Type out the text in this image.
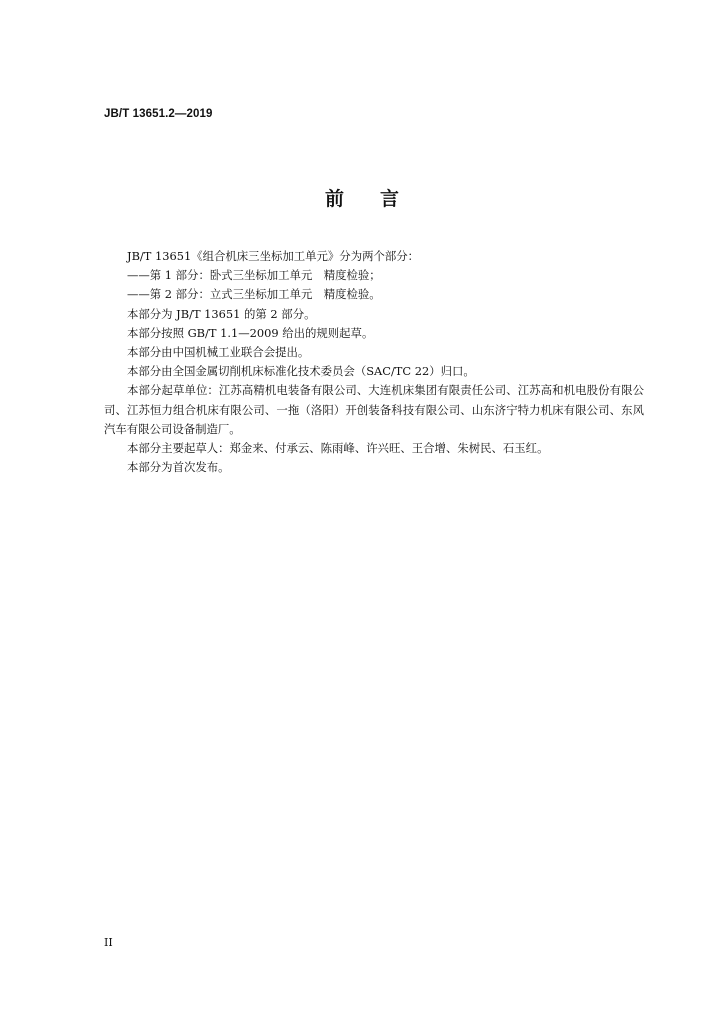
JB/T 13651.2—2019
前言

JB/T 13651《组合机床三坐标加工单元》分为两个部分：

——第 1 部分：卧式三坐标加工单元　精度检验；

——第 2 部分：立式三坐标加工单元　精度检验。

本部分为 JB/T 13651 的第 2 部分。

本部分按照 GB/T 1.1—2009 给出的规则起草。

本部分由中国机械工业联合会提出。

本部分由全国金属切削机床标准化技术委员会（SAC/TC 22）归口。

本部分起草单位：江苏高精机电装备有限公司、大连机床集团有限责任公司、江苏高和机电股份有限公司、江苏恒力组合机床有限公司、一拖（洛阳）开创装备科技有限公司、山东济宁特力机床有限公司、东风汽车有限公司设备制造厂。

本部分主要起草人：郑金来、付承云、陈雨峰、许兴旺、王合增、朱树民、石玉红。

本部分为首次发布。

II
